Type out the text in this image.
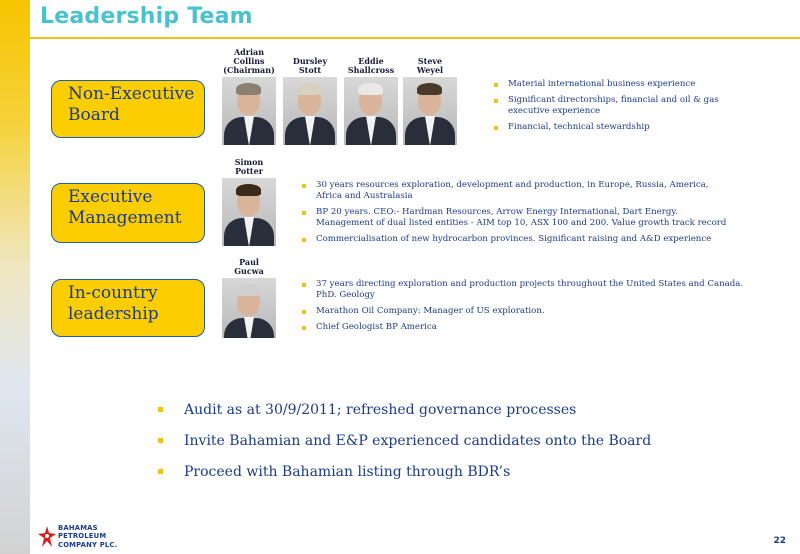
Leadership Team
Non-Executive
Board
Adrian
Collins
(Chairman)
Dursley
Stott
Eddie
Shallcross
Steve
Weyel
Material international business experience
Significant directorships, financial and oil & gas executive experience
Financial, technical stewardship
Executive
Management
Simon
Potter
30 years resources exploration, development and production, in Europe, Russia, America, Africa and Australasia
BP 20 years. CEO:- Hardman Resources, Arrow Energy International, Dart Energy. Management of dual listed entities - AIM top 10, ASX 100 and 200. Value growth track record
Commercialisation of new hydrocarbon provinces. Significant raising and A&D experience
In-country
leadership
Paul
Gucwa
37 years directing exploration and production projects throughout the United States and Canada. PhD. Geology
Marathon Oil Company: Manager of US exploration.
Chief Geologist BP America
Audit as at 30/9/2011; refreshed governance processes
Invite Bahamian and E&P experienced candidates onto the Board
Proceed with Bahamian listing through BDR’s
BAHAMAS
PETROLEUM
COMPANY PLC.	22
